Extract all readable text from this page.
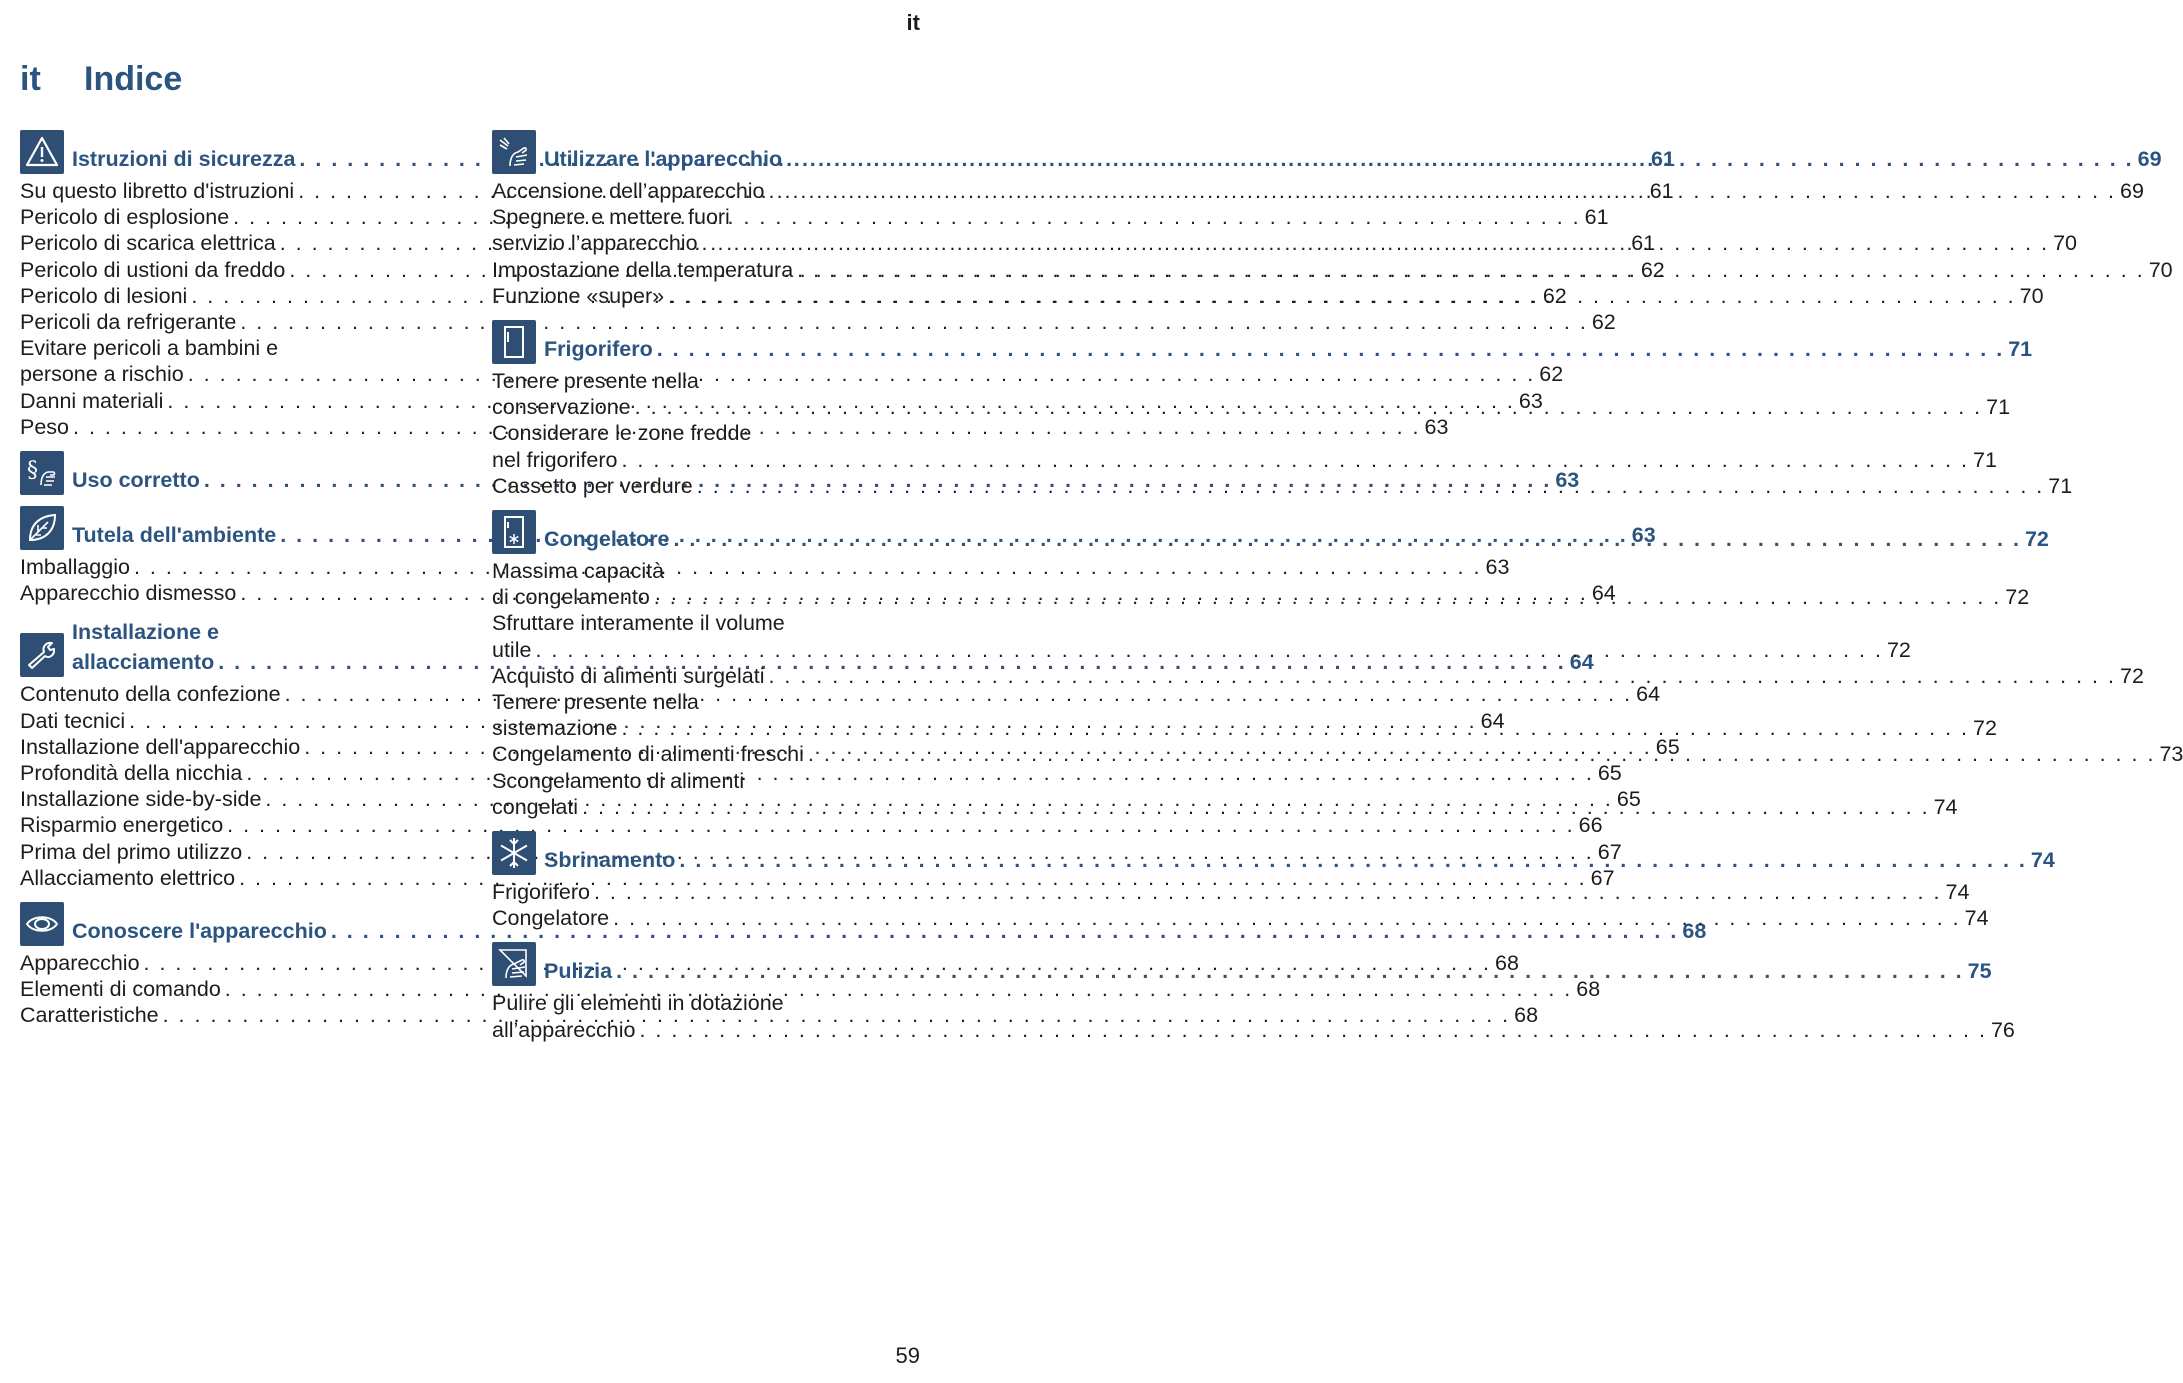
it
it Indice
Istruzioni di sicurezza . . .	61
Su questo libretto d'istruzioni . . .	61
Pericolo di esplosione . . .	61
Pericolo di scarica elettrica . . .	61
Pericolo di ustioni da freddo . . .	62
Pericolo di lesioni . . .	62
Pericoli da refrigerante . . .	62
Evitare pericoli a bambini e
persone a rischio . . .	62
Danni materiali . . .	63
Peso . . .	63
§ Uso corretto . . .	63
Tutela dell'ambiente . . .	63
Imballaggio . . .	63
Apparecchio dismesso . . .	64
Installazione e
allacciamento . . .	64
Contenuto della confezione . . .	64
Dati tecnici . . .	64
Installazione dell'apparecchio . . .	65
Profondità della nicchia . . .	65
Installazione side-by-side . . .	65
Risparmio energetico . . .	66
Prima del primo utilizzo . . .	67
Allacciamento elettrico . . .	67
Conoscere l'apparecchio . . .	68
Apparecchio . . .	68
Elementi di comando . . .	68
Caratteristiche . . .	68
Utilizzare l'apparecchio . . .	69
Accensione dell’apparecchio . . .	69
Spegnere e mettere fuori
servizio l’apparecchio . . .	70
Impostazione della temperatura . . .	70
Funzione «super» . . .	70
Frigorifero . . .	71
Tenere presente nella
conservazione . . .	71
Considerare le zone fredde
nel frigorifero . . .	71
Cassetto per verdure . . .	71
Congelatore . . .	72
Massima capacità
di congelamento . . .	72
Sfruttare interamente il volume
utile . . .	72
Acquisto di alimenti surgelati . . .	72
Tenere presente nella
sistemazione . . .	72
Congelamento di alimenti freschi . . .	73
Scongelamento di alimenti
congelati . . .	74
Sbrinamento . . .	74
Frigorifero . . .	74
Congelatore . . .	74
Pulizia . . .	75
Pulire gli elementi in dotazione
all’apparecchio . . .	76
59
